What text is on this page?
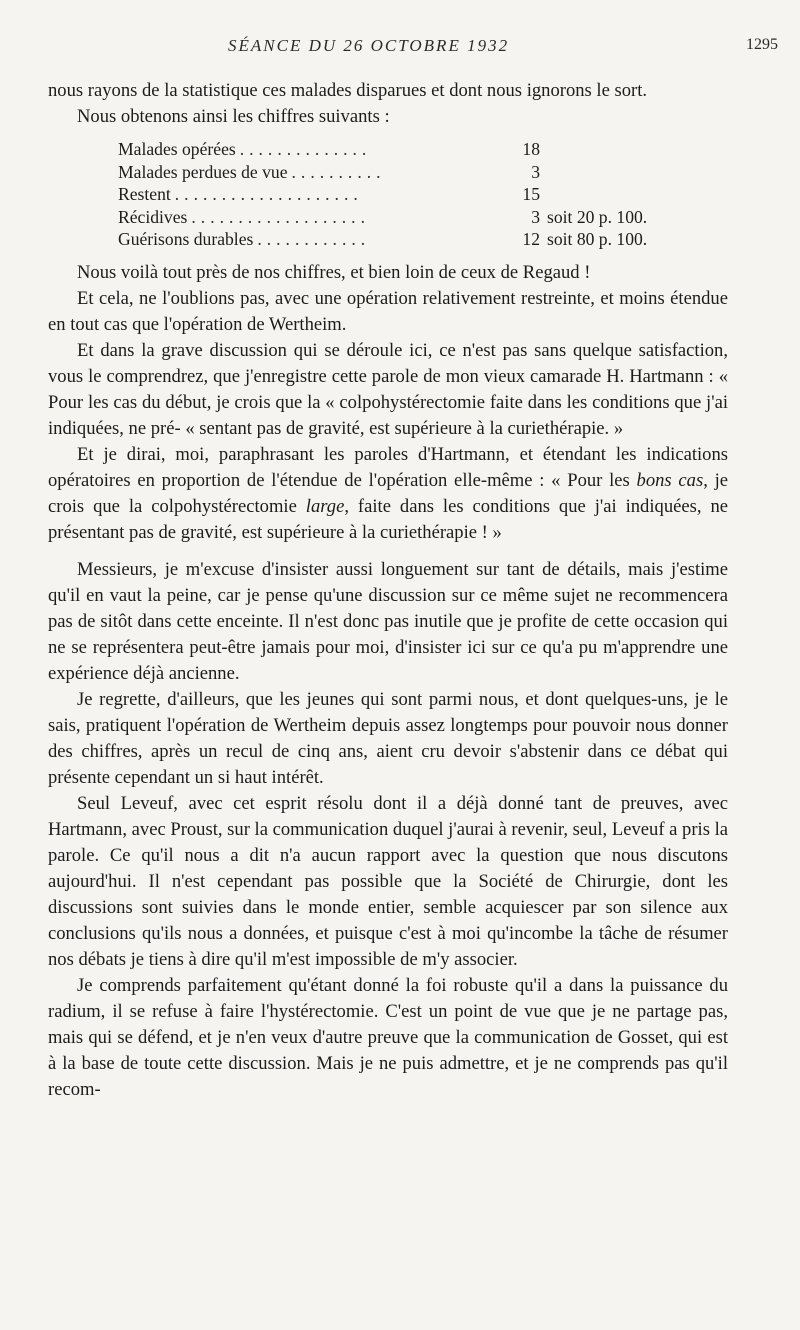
SÉANCE DU 26 OCTOBRE 1932	1295

nous rayons de la statistique ces malades disparues et dont nous ignorons le sort.

Nous obtenons ainsi les chiffres suivants :

Malades opérées ..............	18
Malades perdues de vue ..........	3
Restent ....................	15
Récidives ...................	3 soit 20 p. 100.
Guérisons durables ............	12 soit 80 p. 100.

Nous voilà tout près de nos chiffres, et bien loin de ceux de Regaud !

Et cela, ne l'oublions pas, avec une opération relativement restreinte, et moins étendue en tout cas que l'opération de Wertheim.

Et dans la grave discussion qui se déroule ici, ce n'est pas sans quelque satisfaction, vous le comprendrez, que j'enregistre cette parole de mon vieux camarade H. Hartmann : « Pour les cas du début, je crois que la « colpohystérectomie faite dans les conditions que j'ai indiquées, ne pré- « sentant pas de gravité, est supérieure à la curiethérapie. »

Et je dirai, moi, paraphrasant les paroles d'Hartmann, et étendant les indications opératoires en proportion de l'étendue de l'opération elle-même : « Pour les bons cas, je crois que la colpohystérectomie large, faite dans les conditions que j'ai indiquées, ne présentant pas de gravité, est supérieure à la curiethérapie ! »

Messieurs, je m'excuse d'insister aussi longuement sur tant de détails, mais j'estime qu'il en vaut la peine, car je pense qu'une discussion sur ce même sujet ne recommencera pas de sitôt dans cette enceinte. Il n'est donc pas inutile que je profite de cette occasion qui ne se représentera peut-être jamais pour moi, d'insister ici sur ce qu'a pu m'apprendre une expérience déjà ancienne.

Je regrette, d'ailleurs, que les jeunes qui sont parmi nous, et dont quelques-uns, je le sais, pratiquent l'opération de Wertheim depuis assez longtemps pour pouvoir nous donner des chiffres, après un recul de cinq ans, aient cru devoir s'abstenir dans ce débat qui présente cependant un si haut intérêt.

Seul Leveuf, avec cet esprit résolu dont il a déjà donné tant de preuves, avec Hartmann, avec Proust, sur la communication duquel j'aurai à revenir, seul, Leveuf a pris la parole. Ce qu'il nous a dit n'a aucun rapport avec la question que nous discutons aujourd'hui. Il n'est cependant pas possible que la Société de Chirurgie, dont les discussions sont suivies dans le monde entier, semble acquiescer par son silence aux conclusions qu'ils nous a données, et puisque c'est à moi qu'incombe la tâche de résumer nos débats je tiens à dire qu'il m'est impossible de m'y associer.

Je comprends parfaitement qu'étant donné la foi robuste qu'il a dans la puissance du radium, il se refuse à faire l'hystérectomie. C'est un point de vue que je ne partage pas, mais qui se défend, et je n'en veux d'autre preuve que la communication de Gosset, qui est à la base de toute cette discussion. Mais je ne puis admettre, et je ne comprends pas qu'il recom-
